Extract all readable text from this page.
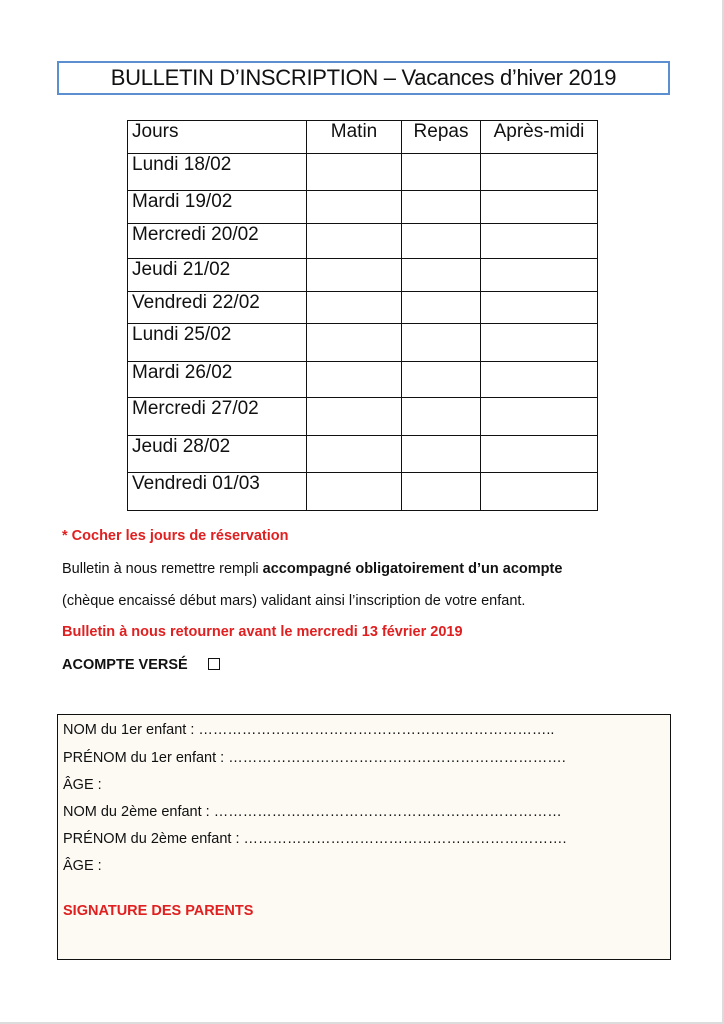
BULLETIN D’INSCRIPTION – Vacances d’hiver 2019
Jours	Matin	Repas	Après-midi
Lundi 18/02			
Mardi 19/02			
Mercredi 20/02			
Jeudi 21/02			
Vendredi 22/02			
Lundi 25/02			
Mardi 26/02			
Mercredi 27/02			
Jeudi 28/02			
Vendredi 01/03			

* Cocher les jours de réservation

Bulletin à nous remettre rempli accompagné obligatoirement d’un acompte

(chèque encaissé début mars) validant ainsi l’inscription de votre enfant.

Bulletin à nous retourner avant le mercredi 13 février 2019

ACOMPTE VERSÉ

NOM du 1er enfant : ………………………………………………………………..
PRÉNOM du 1er enfant : …………………………………………………………….
ÂGE :
NOM du 2ème enfant : ………………………………………………………………
PRÉNOM du 2ème enfant : ………………………………………………………….
ÂGE :
SIGNATURE DES PARENTS
